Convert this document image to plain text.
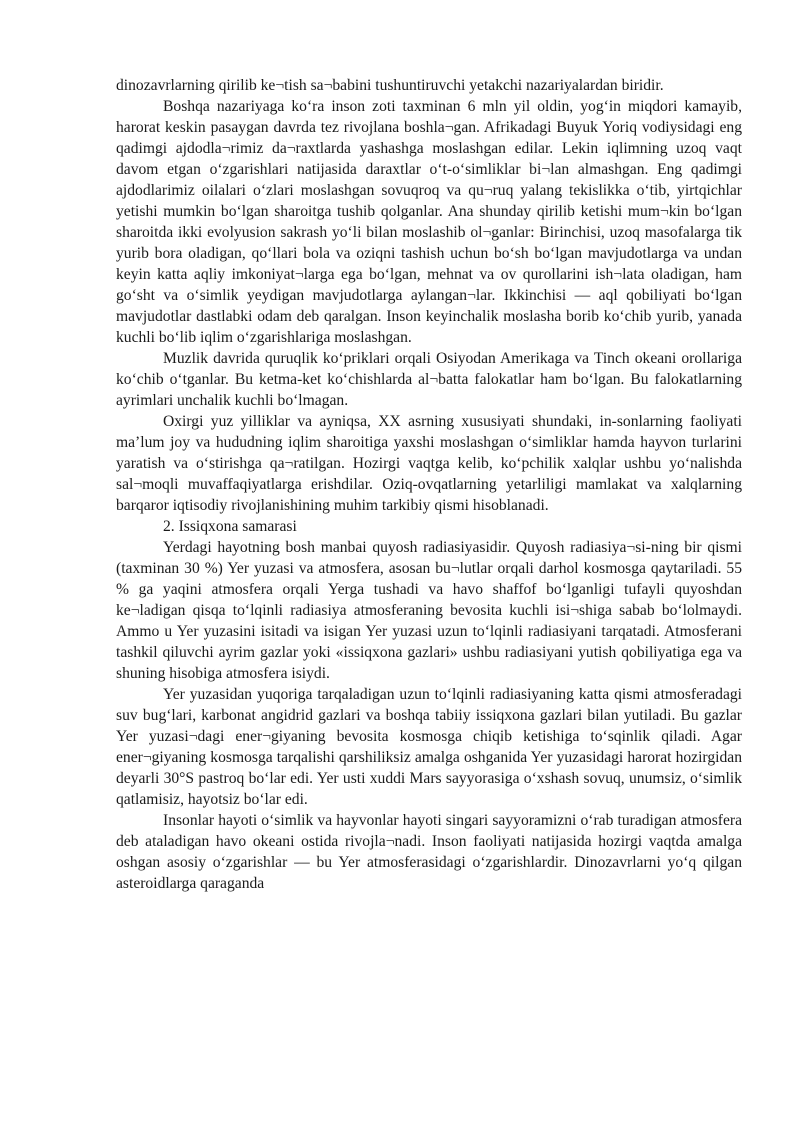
dinozavrlarning qirilib ke¬tish sa¬babini tushuntiruvchi yetakchi nazariyalardan biridir.

Boshqa nazariyaga ko‘ra inson zoti taxminan 6 mln yil oldin, yog‘in miqdori kamayib, harorat keskin pasaygan davrda tez rivojlana boshla¬gan. Afrikadagi Buyuk Yoriq vodiysidagi eng qadimgi ajdodla¬rimiz da¬raxtlarda yashashga moslashgan edilar. Lekin iqlimning uzoq vaqt davom etgan o‘zgarishlari natijasida daraxtlar o‘t-o‘simliklar bi¬lan almashgan. Eng qadimgi ajdodlarimiz oilalari o‘zlari moslashgan sovuqroq va qu¬ruq yalang tekislikka o‘tib, yirtqichlar yetishi mumkin bo‘lgan sharoitga tushib qolganlar. Ana shunday qirilib ketishi mum¬kin bo‘lgan sharoitda ikki evolyusion sakrash yo‘li bilan moslashib ol¬ganlar: Birinchisi, uzoq masofalarga tik yurib bora oladigan, qo‘llari bola va oziqni tashish uchun bo‘sh bo‘lgan mavjudotlarga va undan keyin katta aqliy imkoniyat¬larga ega bo‘lgan, mehnat va ov qurollarini ish¬lata oladigan, ham go‘sht va o‘simlik yeydigan mavjudotlarga aylangan¬lar. Ikkinchisi — aql qobiliyati bo‘lgan mavjudotlar dastlabki odam deb qaralgan. Inson keyinchalik moslasha borib ko‘chib yurib, yanada kuchli bo‘lib iqlim o‘zgarishlariga moslashgan.

Muzlik davrida quruqlik ko‘priklari orqali Osiyodan Amerikaga va Tinch okeani orollariga ko‘chib o‘tganlar. Bu ketma-ket ko‘chishlarda al¬batta falokatlar ham bo‘lgan. Bu falokatlarning ayrimlari unchalik kuchli bo‘lmagan.

Oxirgi yuz yilliklar va ayniqsa, XX asrning xususiyati shundaki, in-sonlarning faoliyati ma’lum joy va hududning iqlim sharoitiga yaxshi moslashgan o‘simliklar hamda hayvon turlarini yaratish va o‘stirishga qa¬ratilgan. Hozirgi vaqtga kelib, ko‘pchilik xalqlar ushbu yo‘nalishda sal¬moqli muvaffaqiyatlarga erishdilar. Oziq-ovqatlarning yetarliligi mamlakat va xalqlarning barqaror iqtisodiy rivojlanishining muhim tarkibiy qismi hisoblanadi.

2. Issiqxona samarasi

Yerdagi hayotning bosh manbai quyosh radiasiyasidir. Quyosh radiasiya¬si-ning bir qismi (taxminan 30 %) Yer yuzasi va atmosfera, asosan bu¬lutlar orqali darhol kosmosga qaytariladi. 55 % ga yaqini atmosfera orqali Yerga tushadi va havo shaffof bo‘lganligi tufayli quyoshdan ke¬ladigan qisqa to‘lqinli radiasiya atmosferaning bevosita kuchli isi¬shiga sabab bo‘lolmaydi. Ammo u Yer yuzasini isitadi va isigan Yer yuzasi uzun to‘lqinli radiasiyani tarqatadi. Atmosferani tashkil qiluvchi ayrim gazlar yoki «issiqxona gazlari» ushbu radiasiyani yutish qobiliyatiga ega va shuning hisobiga atmosfera isiydi.

Yer yuzasidan yuqoriga tarqaladigan uzun to‘lqinli radiasiyaning katta qismi atmosferadagi suv bug‘lari, karbonat angidrid gazlari va boshqa tabiiy issiqxona gazlari bilan yutiladi. Bu gazlar Yer yuzasi¬dagi ener¬giyaning bevosita kosmosga chiqib ketishiga to‘sqinlik qiladi. Agar ener¬giyaning kosmosga tarqalishi qarshiliksiz amalga oshganida Yer yuzasidagi harorat hozirgidan deyarli 30°S pastroq bo‘lar edi. Yer usti xuddi Mars sayyorasiga o‘xshash sovuq, unumsiz, o‘simlik qatlamisiz, hayotsiz bo‘lar edi.

Insonlar hayoti o‘simlik va hayvonlar hayoti singari sayyoramizni o‘rab turadigan atmosfera deb ataladigan havo okeani ostida rivojla¬nadi. Inson faoliyati natijasida hozirgi vaqtda amalga oshgan asosiy o‘zgarishlar — bu Yer atmosferasidagi o‘zgarishlardir. Dinozavrlarni yo‘q qilgan asteroidlarga qaraganda
